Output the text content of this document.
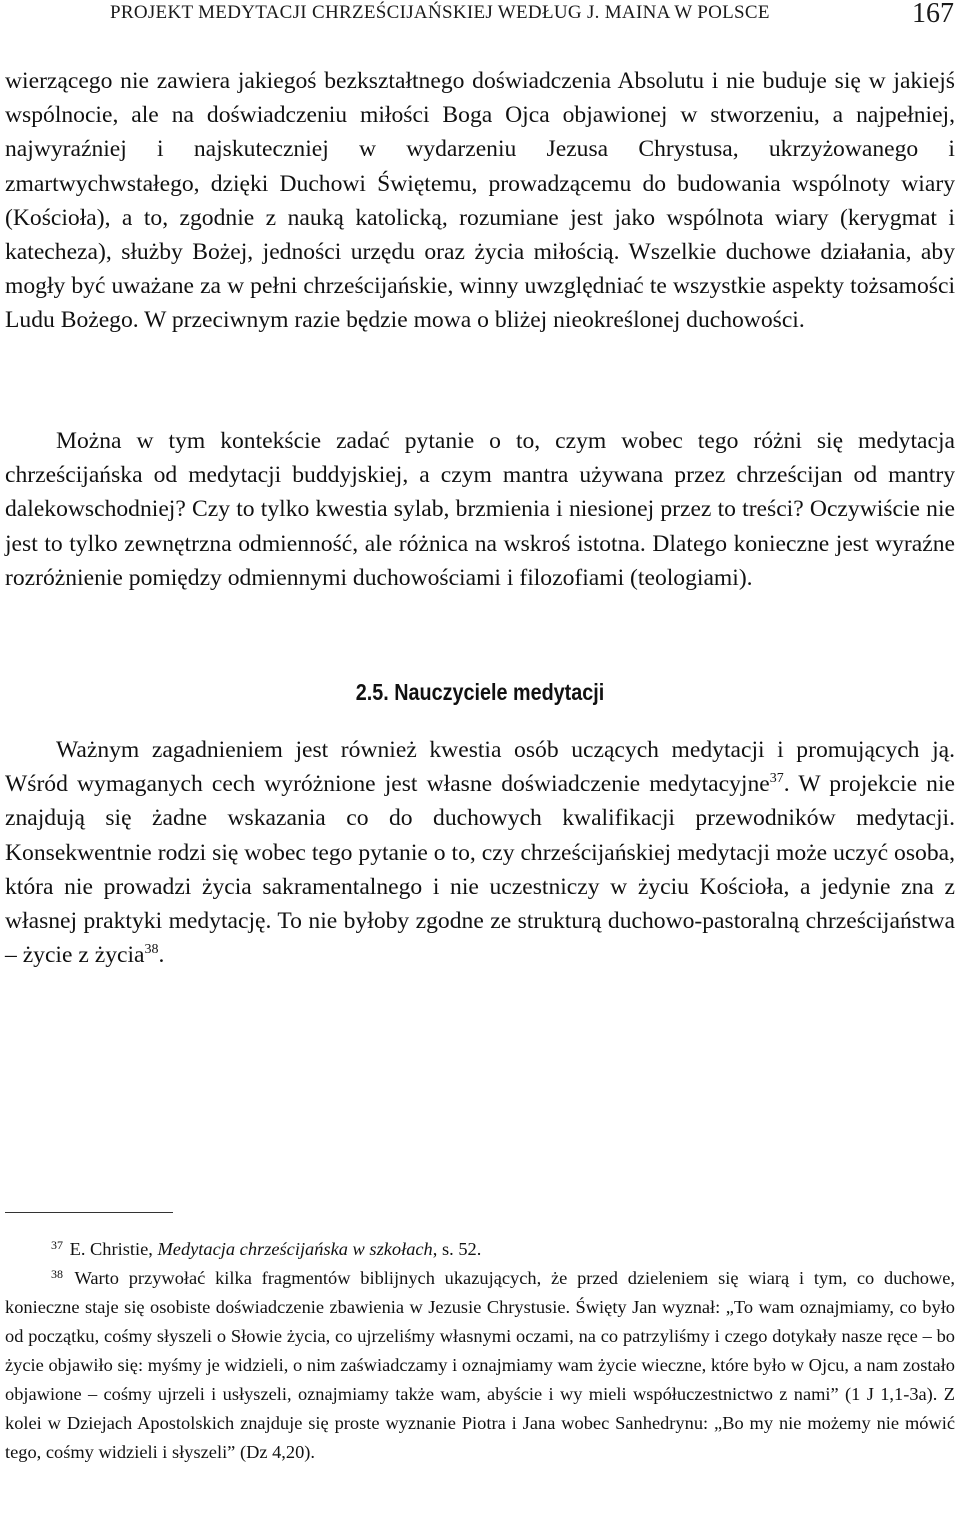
PROJEKT MEDYTACJI CHRZEŚCIJAŃSKIEJ WEDŁUG J. MAINA W POLSCE	167

wierzącego nie zawiera jakiegoś bezkształtnego doświadczenia Absolutu i nie buduje się w jakiejś wspólnocie, ale na doświadczeniu miłości Boga Ojca objawionej w stworzeniu, a najpełniej, najwyraźniej i najskuteczniej w wydarzeniu Jezusa Chrystusa, ukrzyżowanego i zmartwychwstałego, dzięki Duchowi Świętemu, prowadzącemu do budowania wspólnoty wiary (Kościoła), a to, zgodnie z nauką katolicką, rozumiane jest jako wspólnota wiary (kerygmat i katecheza), służby Bożej, jedności urzędu oraz życia miłością. Wszelkie duchowe działania, aby mogły być uważane za w pełni chrześcijańskie, winny uwzględniać te wszystkie aspekty tożsamości Ludu Bożego. W przeciwnym razie będzie mowa o bliżej nieokreślonej duchowości.

Można w tym kontekście zadać pytanie o to, czym wobec tego różni się medytacja chrześcijańska od medytacji buddyjskiej, a czym mantra używana przez chrześcijan od mantry dalekowschodniej? Czy to tylko kwestia sylab, brzmienia i niesionej przez to treści? Oczywiście nie jest to tylko zewnętrzna odmienność, ale różnica na wskroś istotna. Dlatego konieczne jest wyraźne rozróżnienie pomiędzy odmiennymi duchowościami i filozofiami (teologiami).

2.5. Nauczyciele medytacji

Ważnym zagadnieniem jest również kwestia osób uczących medytacji i promujących ją. Wśród wymaganych cech wyróżnione jest własne doświadczenie medytacyjne$^{37}$. W projekcie nie znajdują się żadne wskazania co do duchowych kwalifikacji przewodników medytacji. Konsekwentnie rodzi się wobec tego pytanie o to, czy chrześcijańskiej medytacji może uczyć osoba, która nie prowadzi życia sakramentalnego i nie uczestniczy w życiu Kościoła, a jedynie zna z własnej praktyki medytację. To nie byłoby zgodne ze strukturą duchowo-pastoralną chrześcijaństwa – życie z życia$^{38}$.

$^{37}$ E. Christie, Medytacja chrześcijańska w szkołach, s. 52.

$^{38}$ Warto przywołać kilka fragmentów biblijnych ukazujących, że przed dzieleniem się wiarą i tym, co duchowe, konieczne staje się osobiste doświadczenie zbawienia w Jezusie Chrystusie. Święty Jan wyznał: „To wam oznajmiamy, co było od początku, cośmy słyszeli o Słowie życia, co ujrzeliśmy własnymi oczami, na co patrzyliśmy i czego dotykały nasze ręce – bo życie objawiło się: myśmy je widzieli, o nim zaświadczamy i oznajmiamy wam życie wieczne, które było w Ojcu, a nam zostało objawione – cośmy ujrzeli i usłyszeli, oznajmiamy także wam, abyście i wy mieli współuczestnictwo z nami” (1 J 1,1-3a). Z kolei w Dziejach Apostolskich znajduje się proste wyznanie Piotra i Jana wobec Sanhedrynu: „Bo my nie możemy nie mówić tego, cośmy widzieli i słyszeli” (Dz 4,20).
